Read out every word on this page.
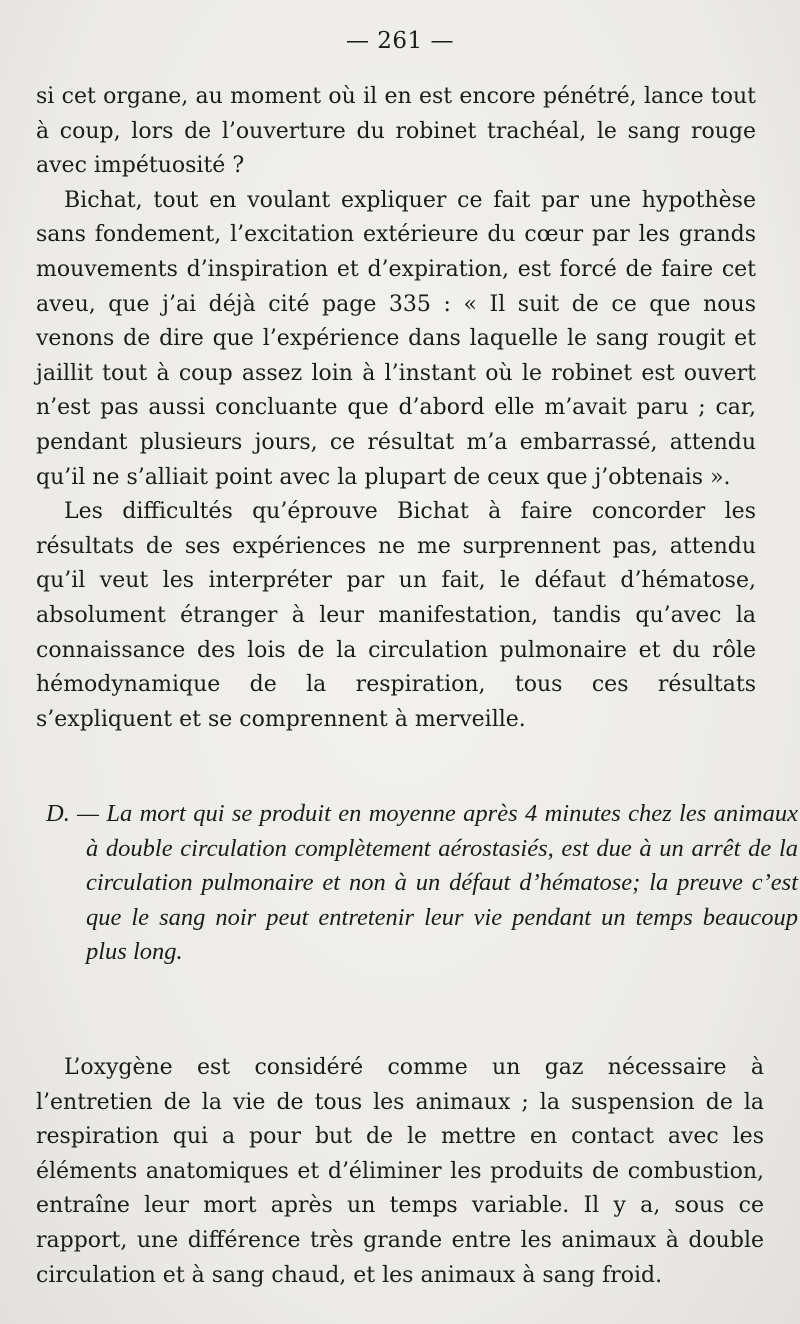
— 261 —

si cet organe, au moment où il en est encore pénétré, lance tout à coup, lors de l’ouverture du robinet trachéal, le sang rouge avec impétuosité ?

Bichat, tout en voulant expliquer ce fait par une hypothèse sans fondement, l’excitation extérieure du cœur par les grands mouvements d’inspiration et d’expiration, est forcé de faire cet aveu, que j’ai déjà cité page 335 : « Il suit de ce que nous venons de dire que l’expérience dans laquelle le sang rougit et jaillit tout à coup assez loin à l’instant où le robinet est ouvert n’est pas aussi concluante que d’abord elle m’avait paru ; car, pendant plusieurs jours, ce résultat m’a embarrassé, attendu qu’il ne s’alliait point avec la plupart de ceux que j’obtenais ».

Les difficultés qu’éprouve Bichat à faire concorder les résultats de ses expériences ne me surprennent pas, attendu qu’il veut les interpréter par un fait, le défaut d’hématose, absolument étranger à leur manifestation, tandis qu’avec la connaissance des lois de la circulation pulmonaire et du rôle hémodynamique de la respiration, tous ces résultats s’expliquent et se comprennent à merveille.

D. — La mort qui se produit en moyenne après 4 minutes chez les animaux à double circulation complètement aérostasiés, est due à un arrêt de la circulation pulmonaire et non à un défaut d’hématose; la preuve c’est que le sang noir peut entretenir leur vie pendant un temps beaucoup plus long.

L’oxygène est considéré comme un gaz nécessaire à l’entretien de la vie de tous les animaux ; la suspension de la respiration qui a pour but de le mettre en contact avec les éléments anatomiques et d’éliminer les produits de combustion, entraîne leur mort après un temps variable. Il y a, sous ce rapport, une différence très grande entre les animaux à double circulation et à sang chaud, et les animaux à sang froid.
